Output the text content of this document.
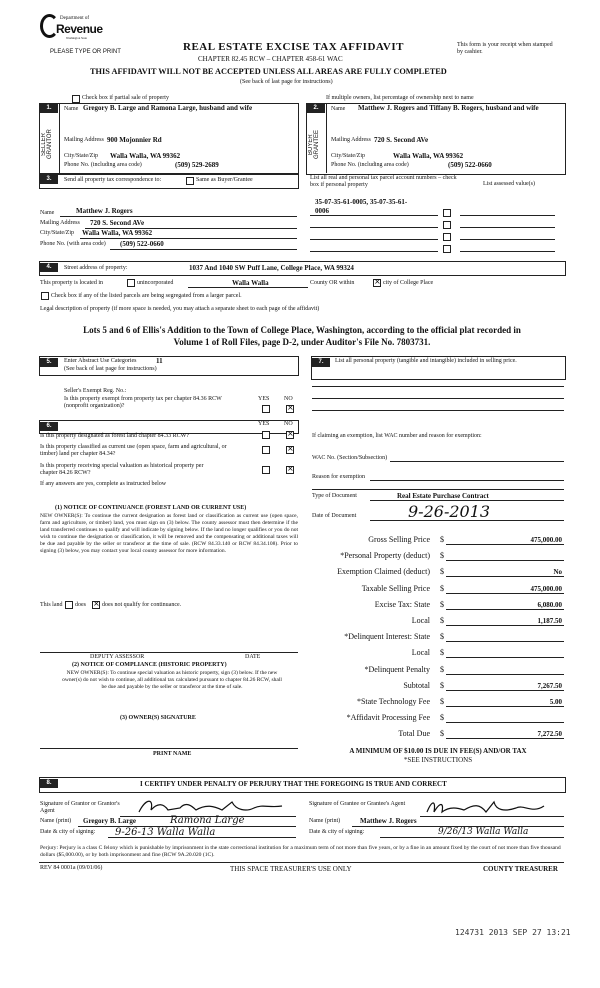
Department of
Revenue
Washington State
PLEASE TYPE OR PRINT	REAL ESTATE EXCISE TAX AFFIDAVIT
CHAPTER 82.45 RCW – CHAPTER 458-61 WAC
This form is your receipt when stamped by cashier.
THIS AFFIDAVIT WILL NOT BE ACCEPTED UNLESS ALL AREAS ARE FULLY COMPLETED
(See back of last page for instructions)
Check box if partial sale of property	If multiple owners, list percentage of ownership next to name
1.
SELLER GRANTOR
Name Gregory B. Large and Ramona Large, husband and wife
Mailing Address 900 Mojonnier Rd
City/State/Zip Walla Walla, WA 99362
Phone No. (including area code)	(509) 529-2689
2.
BUYER GRANTEE
Name Matthew J. Rogers and Tiffany B. Rogers, husband and wife
Mailing Address 720 S. Second AVe
City/State/Zip	Walla Walla, WA 99362
Phone No. (including area code)	(509) 522-0660
3.	Send all property tax correspondence to:	Same as Buyer/Grantee	List all real and personal tax parcel account numbers – check box if personal property	List assessed value(s)
35-07-35-61-0005, 35-07-35-61-
0006
Name	Matthew J. Rogers
Mailing Address 720 S. Second AVe
City/State/Zip Walla Walla, WA 99362
Phone No. (with area code) (509) 522-0660
4.	Street address of property:	1037 And 1040 SW Puff Lane, College Place, WA 99324
This property is located in	unincorporated	Walla Walla	County OR within ×	city of College Place
Check box if any of the listed parcels are being segregated from a larger parcel.
Legal description of property (if more space is needed, you may attach a separate sheet to each page of the affidavit)
Lots 5 and 6 of Ellis's Addition to the Town of College Place, Washington, according to the official plat recorded in Volume 1 of Roll Files, page D-2, under Auditor's File No. 7803731.
5.	Enter Abstract Use Categories	11
(See back of last page for instructions)
Seller's Exempt Reg. No.:
YES NO
Is this property exempt from property tax per chapter 84.36 RCW (nonprofit organization)?
×
6.	YES NO
Is this property designated as forest land chapter 84.33 RCW?
×
Is this property classified as current use (open space, farm and agricultural, or timber) land per chapter 84.34?
×
Is this property receiving special valuation as historical property per chapter 84.26 RCW?
×
If any answers are yes, complete as instructed below
(1) NOTICE OF CONTINUANCE (FOREST LAND OR CURRENT USE)
NEW OWNER(S): To continue the current designation as forest land or classification as current use (open space, farm and agriculture, or timber) land, you must sign on (3) below. The county assessor must then determine if the land transferred continues to qualify and will indicate by signing below. If the land no longer qualifies or you do not wish to continue the designation or classification, it will be removed and the compensating or additional taxes will be due and payable by the seller or transferor at the time of sale. (RCW 84.33.140 or RCW 84.34.108). Prior to signing (3) below, you may contact your local county assessor for more information.
This land does ×	does not qualify for continuance.
DEPUTY ASSESSOR	DATE
(2) NOTICE OF COMPLIANCE (HISTORIC PROPERTY)
NEW OWNER(S): To continue special valuation as historic property, sign (3) below. If the new owner(s) do not wish to continue, all additional tax calculated pursuant to chapter 84.26 RCW, shall be due and payable by the seller or transferor at the time of sale.
(3) OWNER(S) SIGNATURE
PRINT NAME
7.	List all personal property (tangible and intangible) included in selling price.
If claiming an exemption, list WAC number and reason for exemption:
WAC No. (Section/Subsection)
Reason for exemption
Type of Document	Real Estate Purchase Contract
Date of Document	9-26-2013
Gross Selling Price $	475,000.00
*Personal Property (deduct) $
Exemption Claimed (deduct) $	No
Taxable Selling Price $	475,000.00
Excise Tax: State $	6,080.00
Local $	1,187.50
*Delinquent Interest: State $
Local $
*Delinquent Penalty $
Subtotal $	7,267.50
*State Technology Fee $	5.00
*Affidavit Processing Fee $
Total Due $	7,272.50
A MINIMUM OF $10.00 IS DUE IN FEE(S) AND/OR TAX
*SEE INSTRUCTIONS
8.	I CERTIFY UNDER PENALTY OF PERJURY THAT THE FOREGOING IS TRUE AND CORRECT
Signature of Grantor or Grantor's Agent
Name (print) Gregory B. Large	Ramona Large
Date & city of signing: 9-26-13 Walla Walla
Signature of Grantee or Grantee's Agent
Name (print)	Matthew J. Rogers
Date & city of signing:	9/26/13 Walla Walla
Perjury: Perjury is a class C felony which is punishable by imprisonment in the state correctional institution for a maximum term of not more than five years, or by a fine in an amount fixed by the court of not more than five thousand dollars ($5,000.00), or by both imprisonment and fine (RCW 9A.20.020 (1C).
REV 84 0001a (09/01/06)	THIS SPACE TREASURER'S USE ONLY	COUNTY TREASURER
124731 2013 SEP 27 13:21
